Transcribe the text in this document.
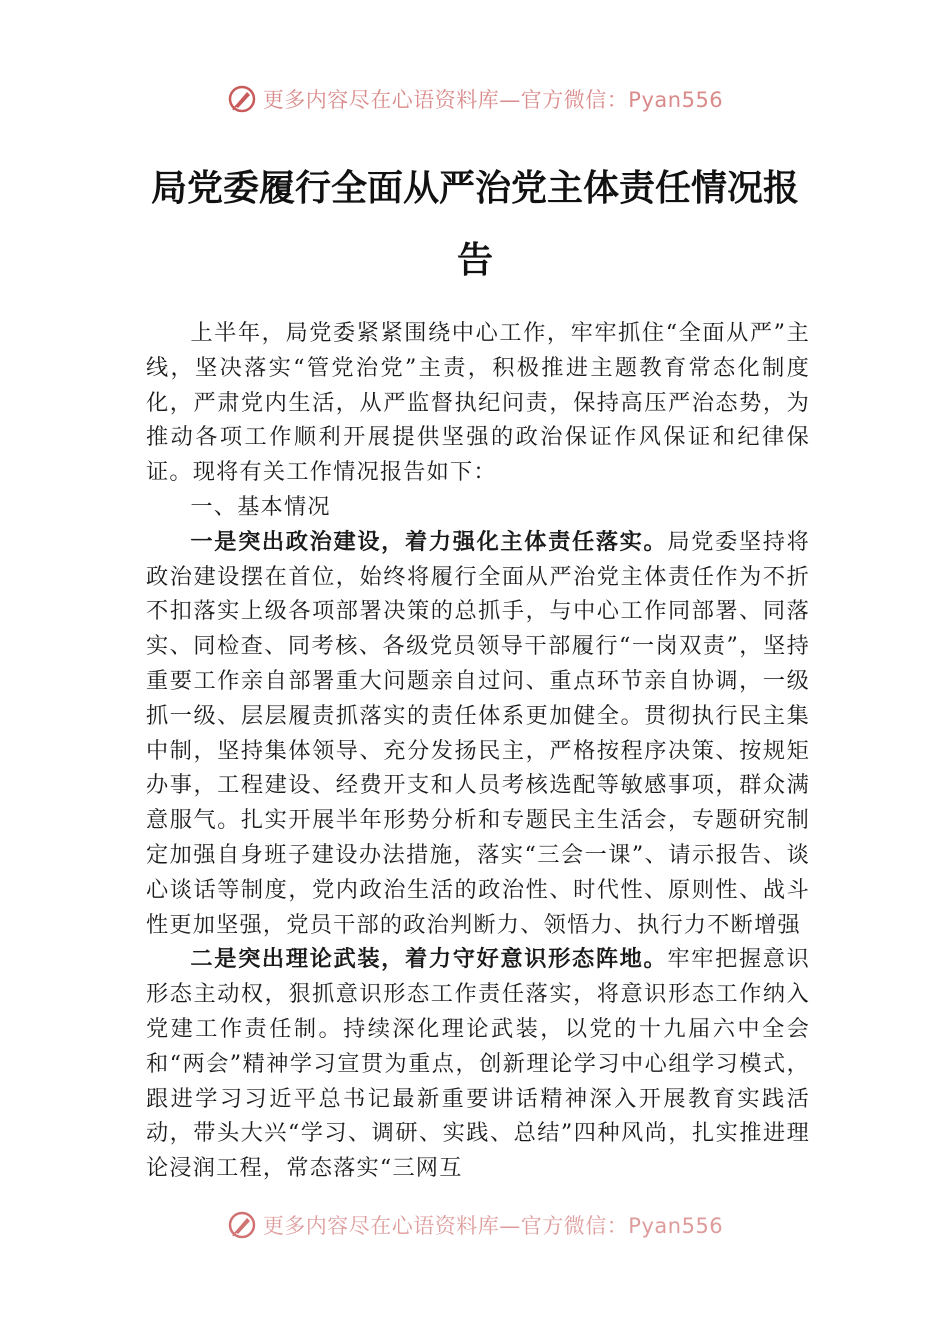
更多内容尽在心语资料库—官方微信：Pyan556
局党委履行全面从严治党主体责任情况报
告

上半年，局党委紧紧围绕中心工作，牢牢抓住“全面从严”主线，坚决落实“管党治党”主责，积极推进主题教育常态化制度化，严肃党内生活，从严监督执纪问责，保持高压严治态势，为推动各项工作顺利开展提供坚强的政治保证作风保证和纪律保证。现将有关工作情况报告如下：

一、基本情况

一是突出政治建设，着力强化主体责任落实。局党委坚持将政治建设摆在首位，始终将履行全面从严治党主体责任作为不折不扣落实上级各项部署决策的总抓手，与中心工作同部署、同落实、同检查、同考核、各级党员领导干部履行“一岗双责”，坚持重要工作亲自部署重大问题亲自过问、重点环节亲自协调，一级抓一级、层层履责抓落实的责任体系更加健全。贯彻执行民主集中制，坚持集体领导、充分发扬民主，严格按程序决策、按规矩办事，工程建设、经费开支和人员考核选配等敏感事项，群众满意服气。扎实开展半年形势分析和专题民主生活会，专题研究制定加强自身班子建设办法措施，落实“三会一课”、请示报告、谈心谈话等制度，党内政治生活的政治性、时代性、原则性、战斗性更加坚强，党员干部的政治判断力、领悟力、执行力不断增强

二是突出理论武装，着力守好意识形态阵地。牢牢把握意识形态主动权，狠抓意识形态工作责任落实，将意识形态工作纳入党建工作责任制。持续深化理论武装，以党的十九届六中全会和“两会”精神学习宣贯为重点，创新理论学习中心组学习模式，跟进学习习近平总书记最新重要讲话精神深入开展教育实践活动，带头大兴“学习、调研、实践、总结”四种风尚，扎实推进理论浸润工程，常态落实“三网互

更多内容尽在心语资料库—官方微信：Pyan556
